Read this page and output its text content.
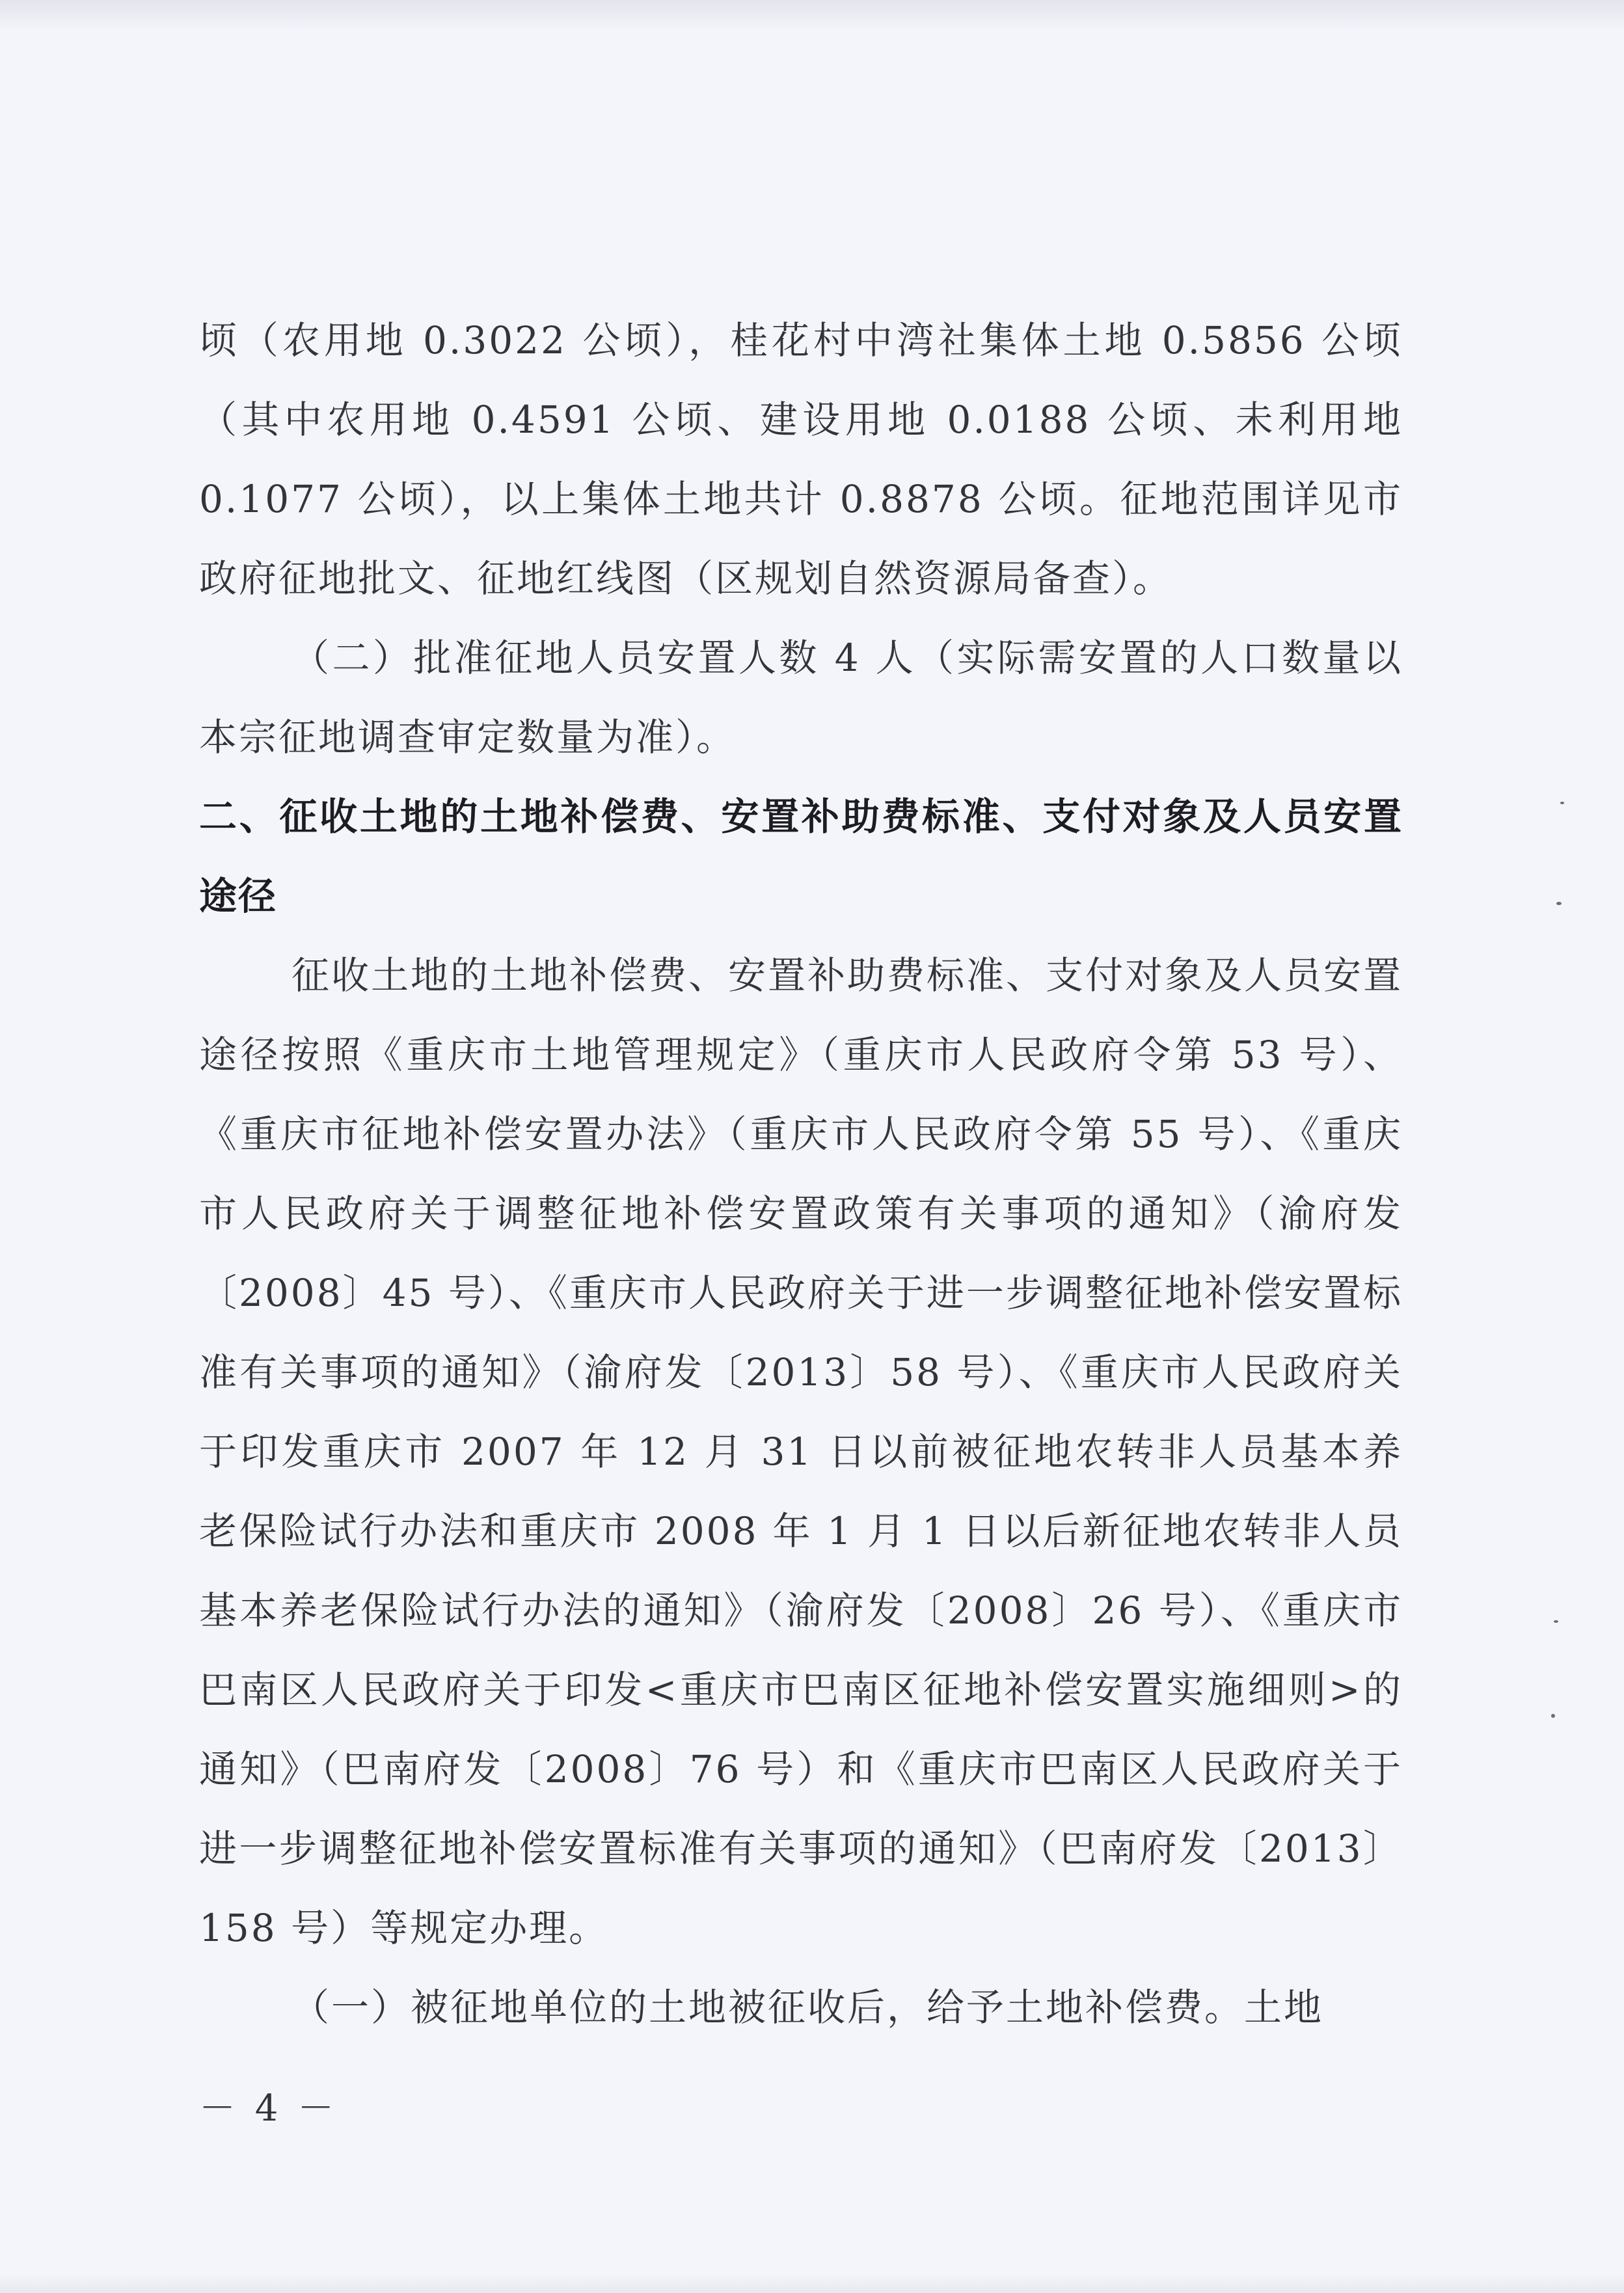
顷（农用地 0.3022 公顷），桂花村中湾社集体土地 0.5856 公顷（其中农用地 0.4591 公顷、建设用地 0.0188 公顷、未利用地 0.1077 公顷），以上集体土地共计 0.8878 公顷。征地范围详见市政府征地批文、征地红线图（区规划自然资源局备查）。

（二）批准征地人员安置人数 4 人（实际需安置的人口数量以本宗征地调查审定数量为准）。

二、征收土地的土地补偿费、安置补助费标准、支付对象及人员安置途径

征收土地的土地补偿费、安置补助费标准、支付对象及人员安置途径按照《重庆市土地管理规定》（重庆市人民政府令第 53 号）、《重庆市征地补偿安置办法》（重庆市人民政府令第 55 号）、《重庆市人民政府关于调整征地补偿安置政策有关事项的通知》（渝府发〔2008〕45 号）、《重庆市人民政府关于进一步调整征地补偿安置标准有关事项的通知》（渝府发〔2013〕58 号）、《重庆市人民政府关于印发重庆市 2007 年 12 月 31 日以前被征地农转非人员基本养老保险试行办法和重庆市 2008 年 1 月 1 日以后新征地农转非人员基本养老保险试行办法的通知》（渝府发〔2008〕26 号）、《重庆市巴南区人民政府关于印发<重庆市巴南区征地补偿安置实施细则>的通知》（巴南府发〔2008〕76 号）和《重庆市巴南区人民政府关于进一步调整征地补偿安置标准有关事项的通知》（巴南府发〔2013〕158 号）等规定办理。

（一）被征地单位的土地被征收后，给予土地补偿费。土地

－ 4 －
